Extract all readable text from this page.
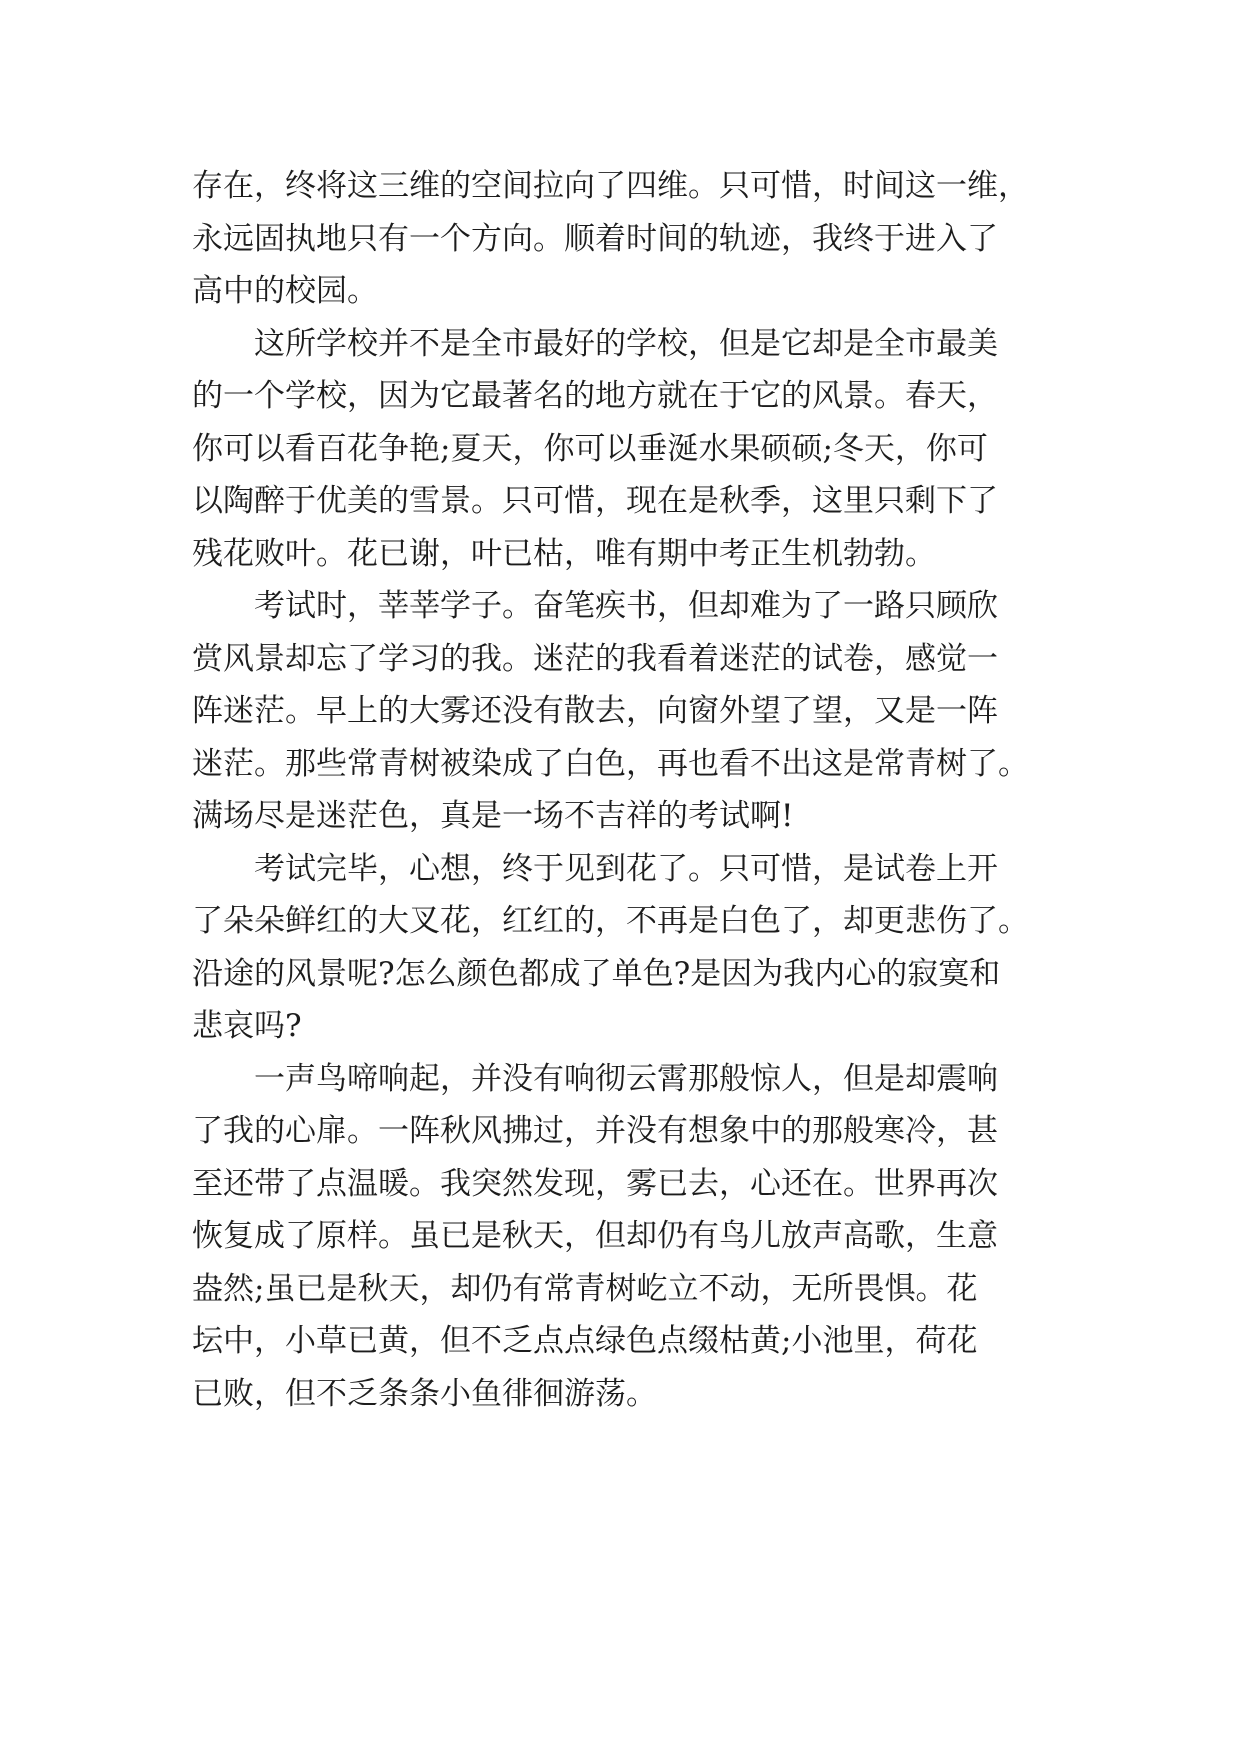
存在，终将这三维的空间拉向了四维。只可惜，时间这一维，
永远固执地只有一个方向。顺着时间的轨迹，我终于进入了
高中的校园。
这所学校并不是全市最好的学校，但是它却是全市最美
的一个学校，因为它最著名的地方就在于它的风景。春天，
你可以看百花争艳;夏天，你可以垂涎水果硕硕;冬天，你可
以陶醉于优美的雪景。只可惜，现在是秋季，这里只剩下了
残花败叶。花已谢，叶已枯，唯有期中考正生机勃勃。
考试时，莘莘学子。奋笔疾书，但却难为了一路只顾欣
赏风景却忘了学习的我。迷茫的我看着迷茫的试卷，感觉一
阵迷茫。早上的大雾还没有散去，向窗外望了望，又是一阵
迷茫。那些常青树被染成了白色，再也看不出这是常青树了。
满场尽是迷茫色，真是一场不吉祥的考试啊!
考试完毕，心想，终于见到花了。只可惜，是试卷上开
了朵朵鲜红的大叉花，红红的，不再是白色了，却更悲伤了。
沿途的风景呢?怎么颜色都成了单色?是因为我内心的寂寞和
悲哀吗?
一声鸟啼响起，并没有响彻云霄那般惊人，但是却震响
了我的心扉。一阵秋风拂过，并没有想象中的那般寒冷，甚
至还带了点温暖。我突然发现，雾已去，心还在。世界再次
恢复成了原样。虽已是秋天，但却仍有鸟儿放声高歌，生意
盎然;虽已是秋天，却仍有常青树屹立不动，无所畏惧。花
坛中，小草已黄，但不乏点点绿色点缀枯黄;小池里，荷花
已败，但不乏条条小鱼徘徊游荡。
